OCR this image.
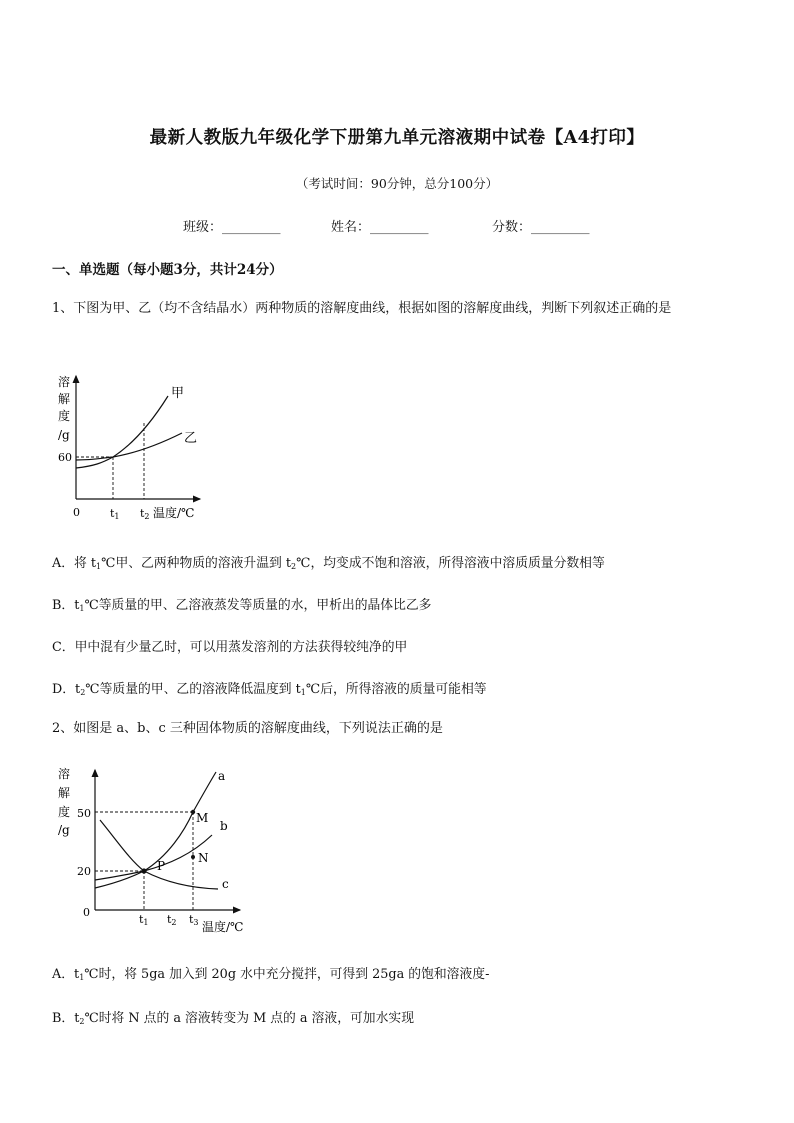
最新人教版九年级化学下册第九单元溶液期中试卷【A4打印】
（考试时间：90分钟，总分100分）
班级：_________	姓名：_________	分数：_________
一、单选题（每小题3分，共计24分）
1、下图为甲、乙（均不含结晶水）两种物质的溶解度曲线，根据如图的溶解度曲线，判断下列叙述正确的是
溶
解
度
/g
60
0	t1 t2 温度/℃
甲
乙
A．将 $t_1℃$甲、乙两种物质的溶液升温到 $t_2℃$，均变成不饱和溶液，所得溶液中溶质质量分数相等
B．$t_1℃$等质量的甲、乙溶液蒸发等质量的水，甲析出的晶体比乙多
C．甲中混有少量乙时，可以用蒸发溶剂的方法获得较纯净的甲
D．$t_2℃$等质量的甲、乙的溶液降低温度到 $t_1℃$后，所得溶液的质量可能相等
2、如图是 a、b、c 三种固体物质的溶解度曲线，下列说法正确的是
溶
解
度
/g
50
20
0
t1 t2 t3 温度/℃
P
M
N
a
b
c
A．$t_1℃$时，将 5ga 加入到 20g 水中充分搅拌，可得到 25ga 的饱和溶液度-
B．$t_2℃$时将 N 点的 a 溶液转变为 M 点的 a 溶液，可加水实现
